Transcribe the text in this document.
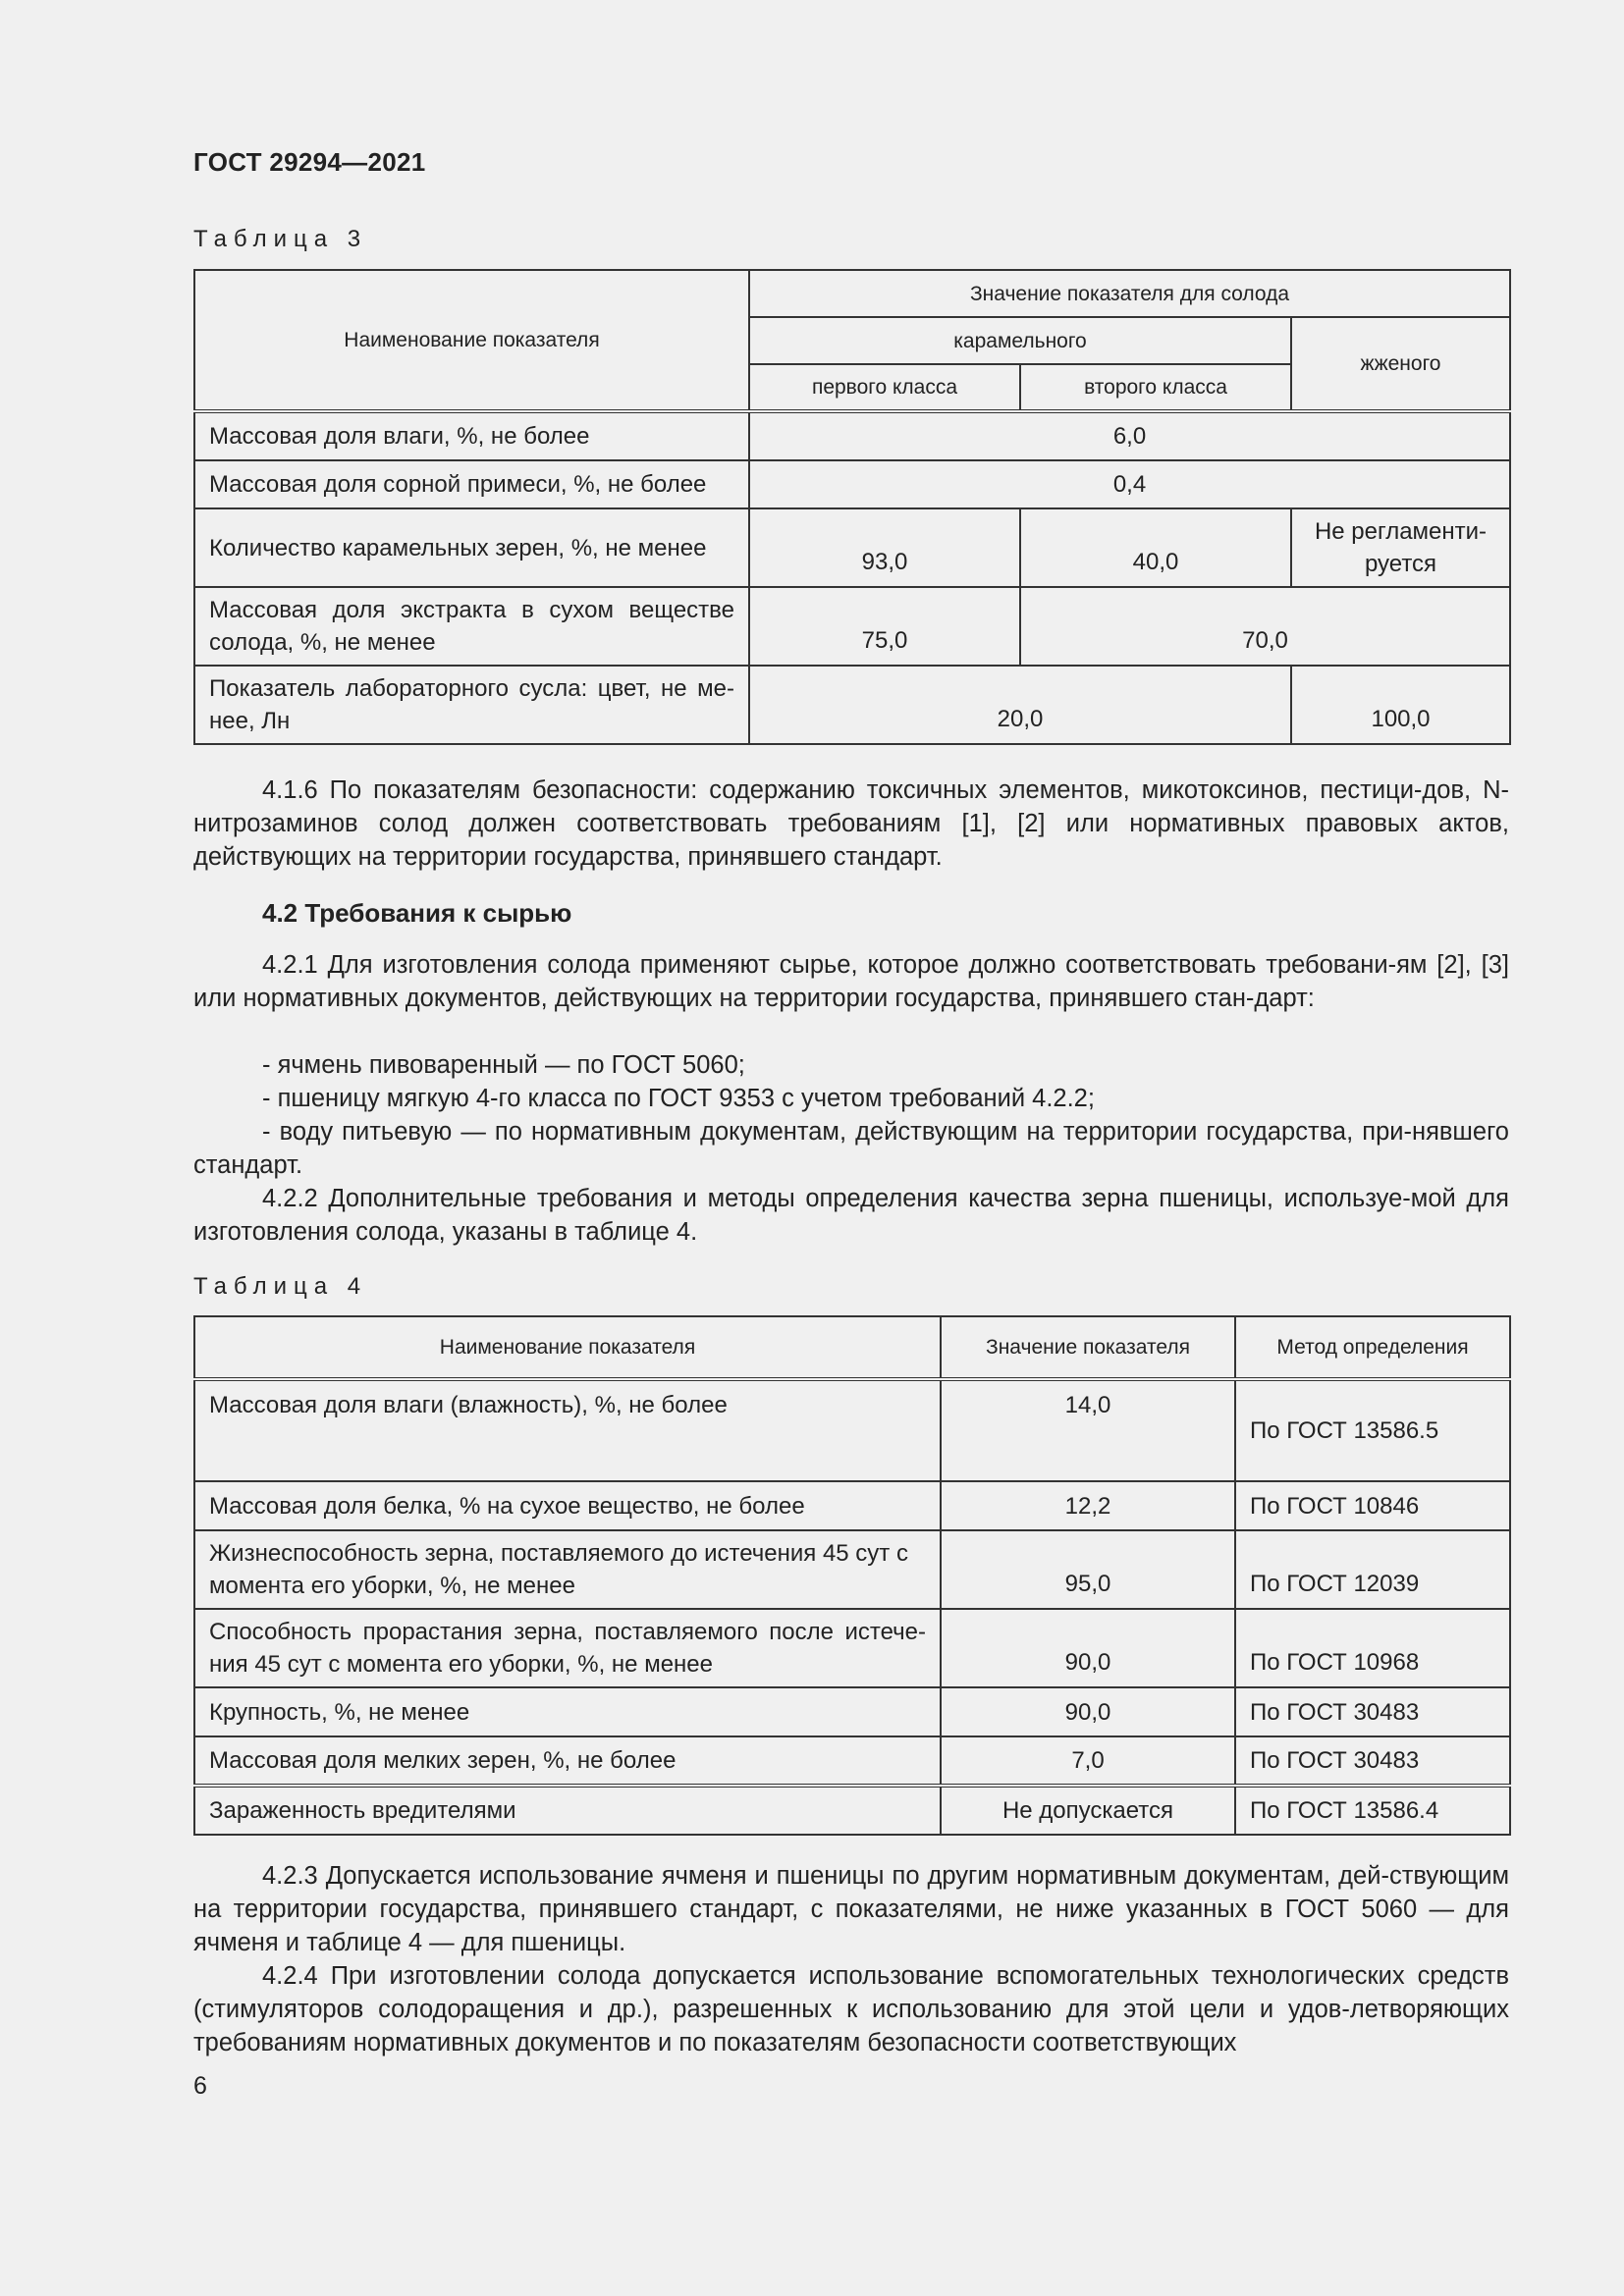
ГОСТ 29294—2021
Таблица 3
Наименование показателя	Значение показателя для солода		
	карамельного		жженого
	первого класса	второго класса	
Массовая доля влаги, %, не более	6,0		
Массовая доля сорной примеси, %, не более	0,4		
Количество карамельных зерен, %, не менее	93,0	40,0	Не регламенти-руется
Массовая доля экстракта в сухом веществе солода, %, не менее	75,0	70,0	
Показатель лабораторного сусла: цвет, не ме-нее, Лн	20,0		100,0

4.1.6 По показателям безопасности: содержанию токсичных элементов, микотоксинов, пестици-дов, N-нитрозаминов солод должен соответствовать требованиям [1], [2] или нормативных правовых актов, действующих на территории государства, принявшего стандарт.

4.2 Требования к сырью

4.2.1 Для изготовления солода применяют сырье, которое должно соответствовать требовани-ям [2], [3] или нормативных документов, действующих на территории государства, принявшего стан-дарт:

- ячмень пивоваренный — по ГОСТ 5060;

- пшеницу мягкую 4-го класса по ГОСТ 9353 с учетом требований 4.2.2;

- воду питьевую — по нормативным документам, действующим на территории государства, при-нявшего стандарт.

4.2.2 Дополнительные требования и методы определения качества зерна пшеницы, используе-мой для изготовления солода, указаны в таблице 4.

Таблица 4
Наименование показателя	Значение показателя	Метод определения
Массовая доля влаги (влажность), %, не более	14,0	По ГОСТ 13586.5
Массовая доля белка, % на сухое вещество, не более	12,2	По ГОСТ 10846
Жизнеспособность зерна, поставляемого до истечения 45 сут с момента его уборки, %, не менее	95,0	По ГОСТ 12039
Способность прорастания зерна, поставляемого после истече-ния 45 сут с момента его уборки, %, не менее	90,0	По ГОСТ 10968
Крупность, %, не менее	90,0	По ГОСТ 30483
Массовая доля мелких зерен, %, не более	7,0	По ГОСТ 30483
Зараженность вредителями	Не допускается	По ГОСТ 13586.4

4.2.3 Допускается использование ячменя и пшеницы по другим нормативным документам, дей-ствующим на территории государства, принявшего стандарт, с показателями, не ниже указанных в ГОСТ 5060 — для ячменя и таблице 4 — для пшеницы.

4.2.4 При изготовлении солода допускается использование вспомогательных технологических средств (стимуляторов солодоращения и др.), разрешенных к использованию для этой цели и удов-летворяющих требованиям нормативных документов и по показателям безопасности соответствующих

6
